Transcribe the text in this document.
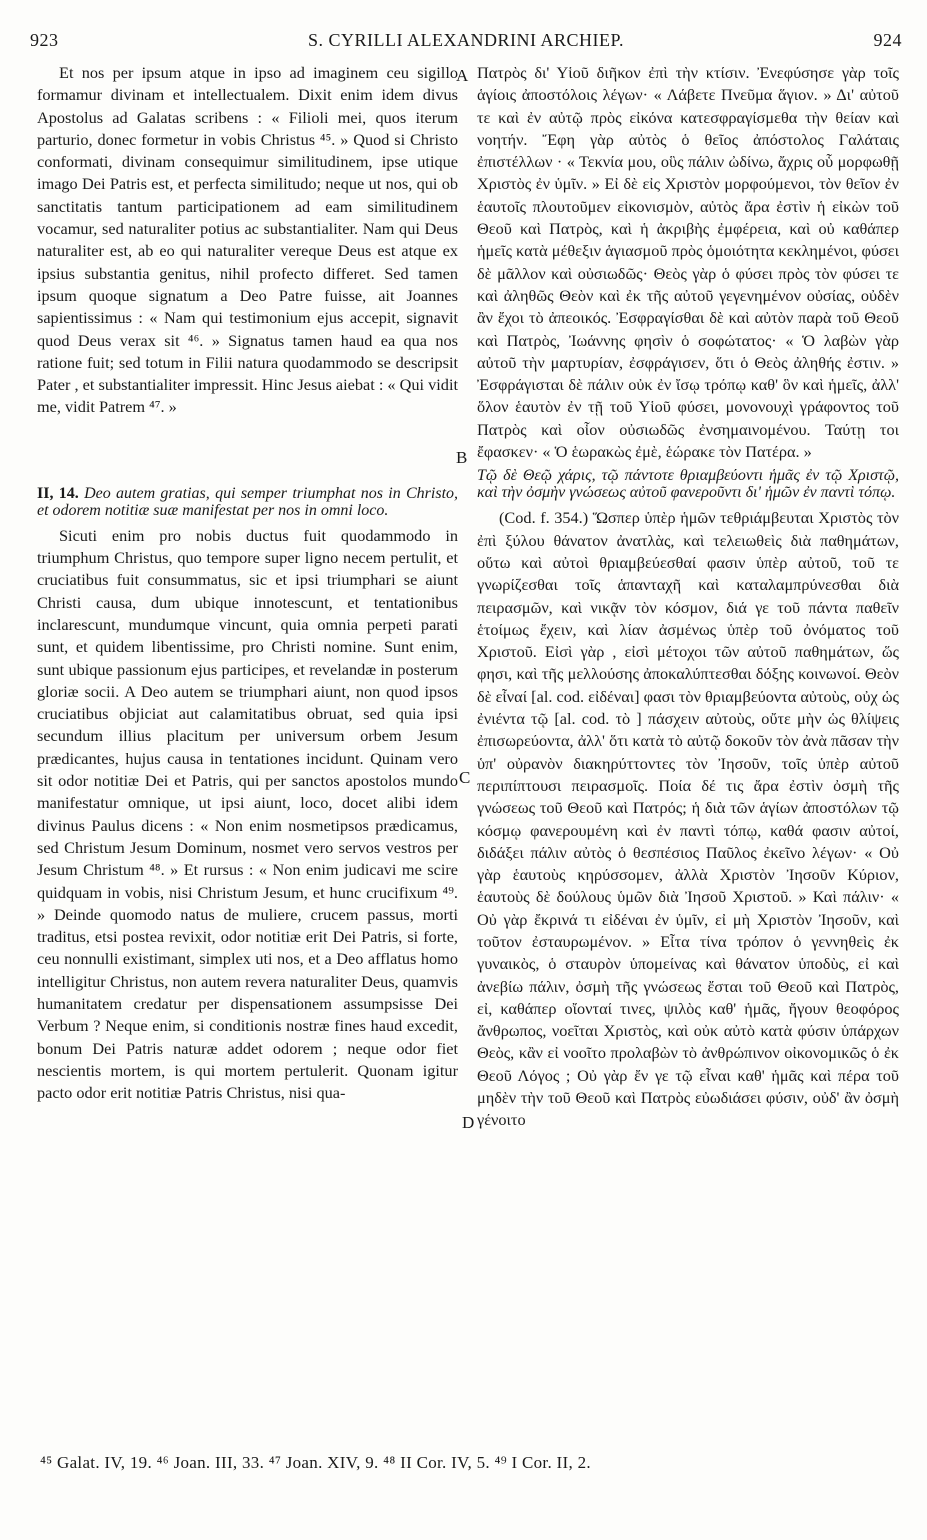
923	S. CYRILLI ALEXANDRINI ARCHIEP.	924

Et nos per ipsum atque in ipso ad imaginem ceu sigillo formamur divinam et intellectualem. Dixit enim idem divus Apostolus ad Galatas scribens : « Filioli mei, quos iterum parturio, donec formetur in vobis Christus ⁴⁵. » Quod si Christo conformati, divinam consequimur similitudinem, ipse utique imago Dei Patris est, et perfecta similitudo; neque ut nos, qui ob sanctitatis tantum participationem ad eam similitudinem vocamur, sed naturaliter potius ac substantialiter. Nam qui Deus naturaliter est, ab eo qui naturaliter vereque Deus est atque ex ipsius substantia genitus, nihil profecto differet. Sed tamen ipsum quoque signatum a Deo Patre fuisse, ait Joannes sapientissimus : « Nam qui testimonium ejus accepit, signavit quod Deus verax sit ⁴⁶. » Signatus tamen haud ea qua nos ratione fuit; sed totum in Filii natura quodammodo se descripsit Pater , et substantialiter impressit. Hinc Jesus aiebat : « Qui vidit me, vidit Patrem ⁴⁷. »

II, 14. Deo autem gratias, qui semper triumphat nos in Christo, et odorem notitiæ suæ manifestat per nos in omni loco.

Sicuti enim pro nobis ductus fuit quodammodo in triumphum Christus, quo tempore super ligno necem pertulit, et cruciatibus fuit consummatus, sic et ipsi triumphari se aiunt Christi causa, dum ubique innotescunt, et tentationibus inclarescunt, mundumque vincunt, quia omnia perpeti parati sunt, et quidem libentissime, pro Christi nomine. Sunt enim, sunt ubique passionum ejus participes, et revelandæ in posterum gloriæ socii. A Deo autem se triumphari aiunt, non quod ipsos cruciatibus objiciat aut calamitatibus obruat, sed quia ipsi secundum illius placitum per universum orbem Jesum prædicantes, hujus causa in tentationes incidunt. Quinam vero sit odor notitiæ Dei et Patris, qui per sanctos apostolos mundo manifestatur omnique, ut ipsi aiunt, loco, docet alibi idem divinus Paulus dicens : « Non enim nosmetipsos prædicamus, sed Christum Jesum Dominum, nosmet vero servos vestros per Jesum Christum ⁴⁸. » Et rursus : « Non enim judicavi me scire quidquam in vobis, nisi Christum Jesum, et hunc crucifixum ⁴⁹. » Deinde quomodo natus de muliere, crucem passus, morti traditus, etsi postea revixit, odor notitiæ erit Dei Patris, si forte, ceu nonnulli existimant, simplex uti nos, et a Deo afflatus homo intelligitur Christus, non autem revera naturaliter Deus, quamvis humanitatem credatur per dispensationem assumpsisse Dei Verbum ? Neque enim, si conditionis nostræ fines haud excedit, bonum Dei Patris naturæ addet odorem ; neque odor fiet nescientis mortem, is qui mortem pertulerit. Quonam igitur pacto odor erit notitiæ Patris Christus, nisi qua-

Πατρὸς δι' Υἱοῦ διῆκον ἐπὶ τὴν κτίσιν. Ἐνεφύσησε γὰρ τοῖς ἁγίοις ἀποστόλοις λέγων· « Λάβετε Πνεῦμα ἅγιον. » Δι' αὐτοῦ τε καὶ ἐν αὐτῷ πρὸς εἰκόνα κατεσφραγίσμεθα τὴν θείαν καὶ νοητήν. Ἔφη γὰρ αὐτὸς ὁ θεῖος ἀπόστολος Γαλάταις ἐπιστέλλων · « Τεκνία μου, οὓς πάλιν ὠδίνω, ἄχρις οὗ μορφωθῇ Χριστὸς ἐν ὑμῖν. » Εἰ δὲ εἰς Χριστὸν μορφούμενοι, τὸν θεῖον ἐν ἑαυτοῖς πλουτοῦμεν εἰκονισμὸν, αὐτὸς ἄρα ἐστὶν ἡ εἰκὼν τοῦ Θεοῦ καὶ Πατρὸς, καὶ ἡ ἀκριβὴς ἐμφέρεια, καὶ οὐ καθάπερ ἡμεῖς κατὰ μέθεξιν ἁγιασμοῦ πρὸς ὁμοιότητα κεκλημένοι, φύσει δὲ μᾶλλον καὶ οὐσιωδῶς· Θεὸς γὰρ ὁ φύσει πρὸς τὸν φύσει τε καὶ ἀληθῶς Θεὸν καὶ ἐκ τῆς αὐτοῦ γεγενημένον οὐσίας, οὐδὲν ἂν ἔχοι τὸ ἀπεοικός. Ἐσφραγίσθαι δὲ καὶ αὐτὸν παρὰ τοῦ Θεοῦ καὶ Πατρὸς, Ἰωάννης φησὶν ὁ σοφώτατος· « Ὁ λαβὼν γὰρ αὐτοῦ τὴν μαρτυρίαν, ἐσφράγισεν, ὅτι ὁ Θεὸς ἀληθής ἐστιν. » Ἐσφράγισται δὲ πάλιν οὐκ ἐν ἴσῳ τρόπῳ καθ' ὃν καὶ ἡμεῖς, ἀλλ' ὅλον ἑαυτὸν ἐν τῇ τοῦ Υἱοῦ φύσει, μονονουχὶ γράφοντος τοῦ Πατρὸς καὶ οἷον οὐσιωδῶς ἐνσημαινομένου. Ταύτῃ τοι ἔφασκεν· « Ὁ ἑωρακὼς ἐμὲ, ἑώρακε τὸν Πατέρα. »

Τῷ δὲ Θεῷ χάρις, τῷ πάντοτε θριαμβεύοντι ἡμᾶς ἐν τῷ Χριστῷ, καὶ τὴν ὀσμὴν γνώσεως αὐτοῦ φανεροῦντι δι' ἡμῶν ἐν παντὶ τόπῳ.

(Cod. f. 354.) Ὥσπερ ὑπὲρ ἡμῶν τεθριάμβευται Χριστὸς τὸν ἐπὶ ξύλου θάνατον ἀνατλὰς, καὶ τελειωθεὶς διὰ παθημάτων, οὕτω καὶ αὐτοὶ θριαμβεύεσθαί φασιν ὑπὲρ αὐτοῦ, τοῦ τε γνωρίζεσθαι τοῖς ἁπανταχῆ καὶ καταλαμπρύνεσθαι διὰ πειρασμῶν, καὶ νικᾷν τὸν κόσμον, διά γε τοῦ πάντα παθεῖν ἑτοίμως ἔχειν, καὶ λίαν ἀσμένως ὑπὲρ τοῦ ὀνόματος τοῦ Χριστοῦ. Εἰσὶ γὰρ , εἰσὶ μέτοχοι τῶν αὐτοῦ παθημάτων, ὥς φησι, καὶ τῆς μελλούσης ἀποκαλύπτεσθαι δόξης κοινωνοί. Θεὸν δὲ εἶναί [al. cod. εἰδέναι] φασι τὸν θριαμβεύοντα αὐτοὺς, οὐχ ὡς ἐνιέντα τῷ [al. cod. τὸ ] πάσχειν αὐτοὺς, οὔτε μὴν ὡς θλίψεις ἐπισωρεύοντα, ἀλλ' ὅτι κατὰ τὸ αὐτῷ δοκοῦν τὸν ἀνὰ πᾶσαν τὴν ὑπ' οὐρανὸν διακηρύττοντες τὸν Ἰησοῦν, τοῖς ὑπὲρ αὐτοῦ περιπίπτουσι πειρασμοῖς. Ποία δέ τις ἄρα ἐστὶν ὀσμὴ τῆς γνώσεως τοῦ Θεοῦ καὶ Πατρός; ἡ διὰ τῶν ἁγίων ἀποστόλων τῷ κόσμῳ φανερουμένη καὶ ἐν παντὶ τόπῳ, καθά φασιν αὐτοί, διδάξει πάλιν αὐτὸς ὁ θεσπέσιος Παῦλος ἐκεῖνο λέγων· « Οὐ γὰρ ἑαυτοὺς κηρύσσομεν, ἀλλὰ Χριστὸν Ἰησοῦν Κύριον, ἑαυτοὺς δὲ δούλους ὑμῶν διὰ Ἰησοῦ Χριστοῦ. » Καὶ πάλιν· « Οὐ γὰρ ἔκρινά τι εἰδέναι ἐν ὑμῖν, εἰ μὴ Χριστὸν Ἰησοῦν, καὶ τοῦτον ἐσταυρωμένον. » Εἶτα τίνα τρόπον ὁ γεννηθεὶς ἐκ γυναικὸς, ὁ σταυρὸν ὑπομείνας καὶ θάνατον ὑποδὺς, εἰ καὶ ἀνεβίω πάλιν, ὀσμὴ τῆς γνώσεως ἔσται τοῦ Θεοῦ καὶ Πατρὸς, εἰ, καθάπερ οἴονταί τινες, ψιλὸς καθ' ἡμᾶς, ἤγουν θεοφόρος ἄνθρωπος, νοεῖται Χριστὸς, καὶ οὐκ αὐτὸ κατὰ φύσιν ὑπάρχων Θεὸς, κἂν εἰ νοοῖτο προλαβὼν τὸ ἀνθρώπινον οἰκονομικῶς ὁ ἐκ Θεοῦ Λόγος ; Οὐ γὰρ ἔν γε τῷ εἶναι καθ' ἡμᾶς καὶ πέρα τοῦ μηδὲν τὴν τοῦ Θεοῦ καὶ Πατρὸς εὐωδιάσει φύσιν, οὐδ' ἂν ὀσμὴ γένοιτο

A
B
C
D
⁴⁵ Galat. IV, 19. ⁴⁶ Joan. III, 33. ⁴⁷ Joan. XIV, 9. ⁴⁸ II Cor. IV, 5. ⁴⁹ I Cor. II, 2.
